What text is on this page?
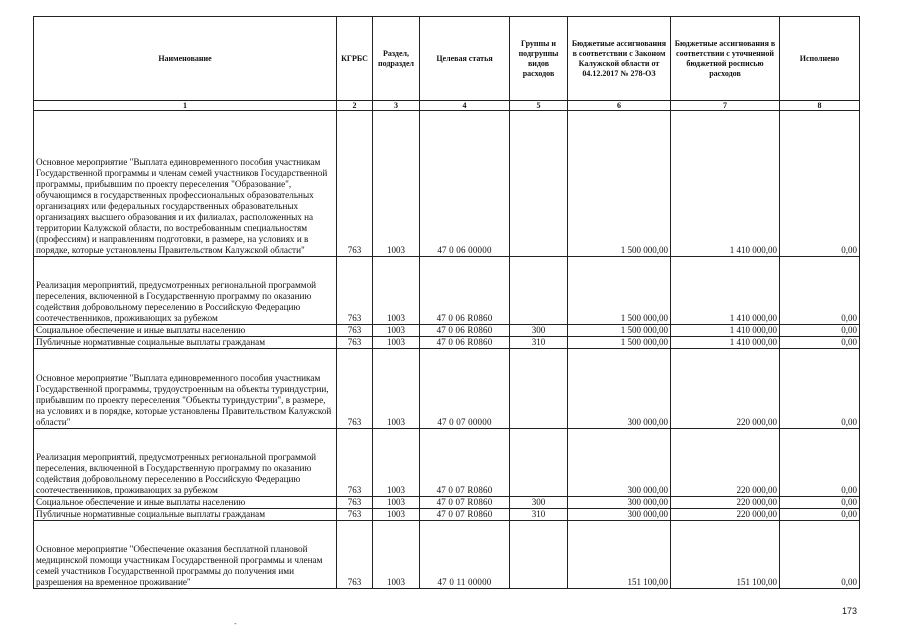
Наименование	КГРБС	Раздел, подраздел	Целевая статья	Группы и подгруппы видов расходов	Бюджетные асcигнования в соответствии с Законом Калужской области от 04.12.2017 № 278-ОЗ	Бюджетные асcигнования в соответствии с уточненной бюджетной росписью расходов	Исполнено
1	2	3	4	5	6	7	8
Основное мероприятие "Выплата единовременного пособия участникам Государственной программы и членам семей участников Государственной программы, прибывшим по проекту переселения "Образование", обучающимся в государственных профессиональных образовательных организациях или федеральных государственных образовательных организациях высшего образования и их филиалах, расположенных на территории Калужской области, по востребованным специальностям (профессиям) и направлениям подготовки, в размере, на условиях и в порядке, которые установлены Правительством Калужской области"	763	1003	47 0 06 00000		1 500 000,00	1 410 000,00	0,00
Реализация мероприятий, предусмотренных региональной программой переселения, включенной в Государственную программу по оказанию содействия добровольному переселению в Российскую Федерацию соотечественников, проживающих за рубежом	763	1003	47 0 06 R0860		1 500 000,00	1 410 000,00	0,00
Социальное обеспечение и иные выплаты населению	763	1003	47 0 06 R0860	300	1 500 000,00	1 410 000,00	0,00
Публичные нормативные социальные выплаты гражданам	763	1003	47 0 06 R0860	310	1 500 000,00	1 410 000,00	0,00
Основное мероприятие "Выплата единовременного пособия участникам Государственной программы, трудоустроенным на объекты туриндустрии, прибывшим по проекту переселения "Объекты туриндустрии", в размере, на условиях и в порядке, которые установлены Правительством Калужской области"	763	1003	47 0 07 00000		300 000,00	220 000,00	0,00
Реализация мероприятий, предусмотренных региональной программой переселения, включенной в Государственную программу по оказанию содействия добровольному переселению в Российскую Федерацию соотечественников, проживающих за рубежом	763	1003	47 0 07 R0860		300 000,00	220 000,00	0,00
Социальное обеспечение и иные выплаты населению	763	1003	47 0 07 R0860	300	300 000,00	220 000,00	0,00
Публичные нормативные социальные выплаты гражданам	763	1003	47 0 07 R0860	310	300 000,00	220 000,00	0,00
Основное мероприятие "Обеспечение оказания бесплатной плановой медицинской помощи участникам Государственной программы и членам семей участников Государственной программы до получения ими разрешения на временное проживание"	763	1003	47 0 11 00000		151 100,00	151 100,00	0,00
173
-
